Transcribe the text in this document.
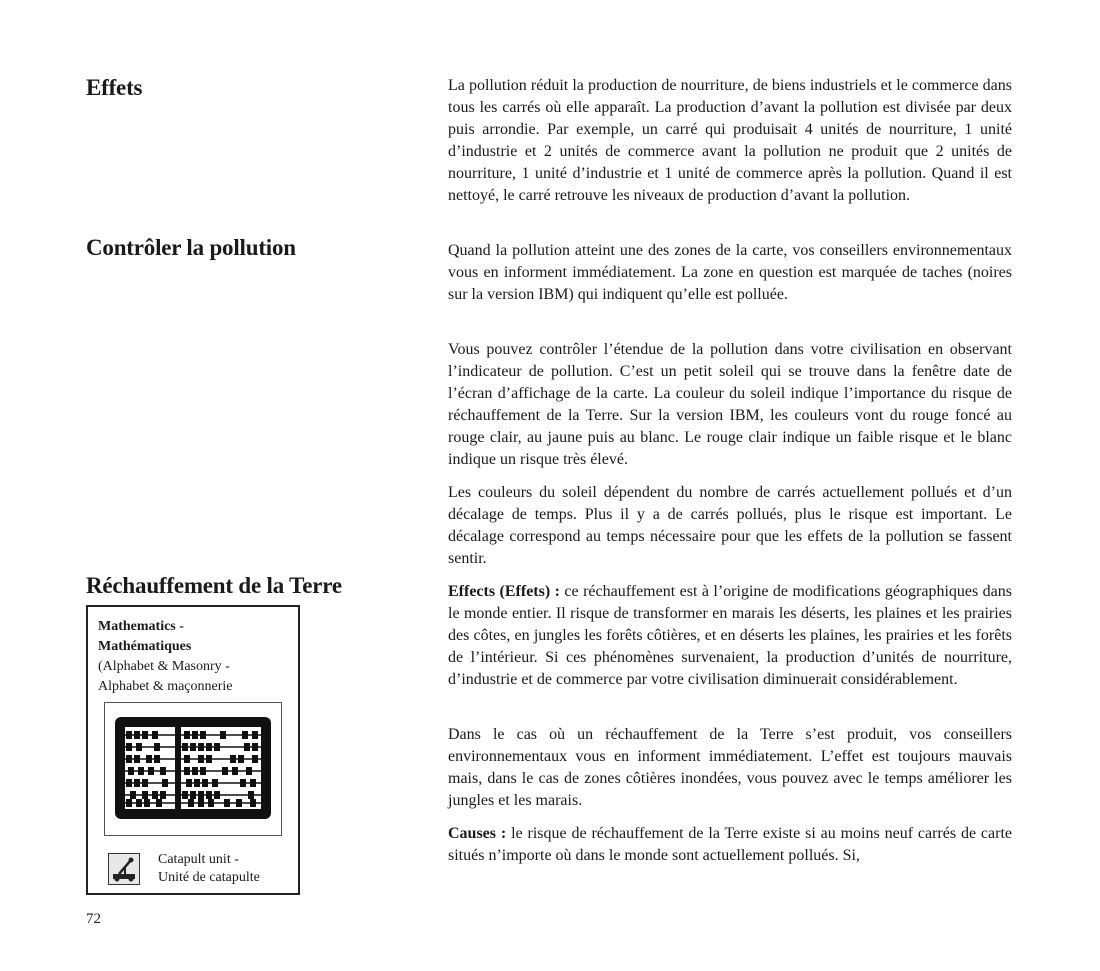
Effets
Contrôler la pollution
Réchauffement de la Terre

La pollution réduit la production de nourriture, de biens industriels et le commerce dans tous les carrés où elle apparaît. La production d’avant la pollution est divisée par deux puis arrondie. Par exemple, un carré qui produisait 4 unités de nourriture, 1 unité d’industrie et 2 unités de commerce avant la pollution ne produit que 2 unités de nourriture, 1 unité d’industrie et 1 unité de commerce après la pollution. Quand il est nettoyé, le carré retrouve les niveaux de production d’avant la pollution.

Quand la pollution atteint une des zones de la carte, vos conseillers environnementaux vous en informent immédiatement. La zone en question est marquée de taches (noires sur la version IBM) qui indiquent qu’elle est polluée.

Vous pouvez contrôler l’étendue de la pollution dans votre civilisation en observant l’indicateur de pollution. C’est un petit soleil qui se trouve dans la fenêtre date de l’écran d’affichage de la carte. La couleur du soleil indique l’importance du risque de réchauffement de la Terre. Sur la version IBM, les couleurs vont du rouge foncé au rouge clair, au jaune puis au blanc. Le rouge clair indique un faible risque et le blanc indique un risque très élevé.

Les couleurs du soleil dépendent du nombre de carrés actuellement pollués et d’un décalage de temps. Plus il y a de carrés pollués, plus le risque est important. Le décalage correspond au temps nécessaire pour que les effets de la pollution se fassent sentir.

Effects (Effets) : ce réchauffement est à l’origine de modifications géographiques dans le monde entier. Il risque de transformer en marais les déserts, les plaines et les prairies des côtes, en jungles les forêts côtières, et en déserts les plaines, les prairies et les forêts de l’intérieur. Si ces phénomènes survenaient, la production d’unités de nourriture, d’industrie et de commerce par votre civilisation diminuerait considérablement.

Dans le cas où un réchauffement de la Terre s’est produit, vos conseillers environnementaux vous en informent immédiatement. L’effet est toujours mauvais mais, dans le cas de zones côtières inondées, vous pouvez avec le temps améliorer les jungles et les marais.

Causes : le risque de réchauffement de la Terre existe si au moins neuf carrés de carte situés n’importe où dans le monde sont actuellement pollués. Si,

Mathematics -
Mathématiques
(Alphabet & Masonry -
Alphabet & maçonnerie
Catapult unit -
Unité de catapulte
72
